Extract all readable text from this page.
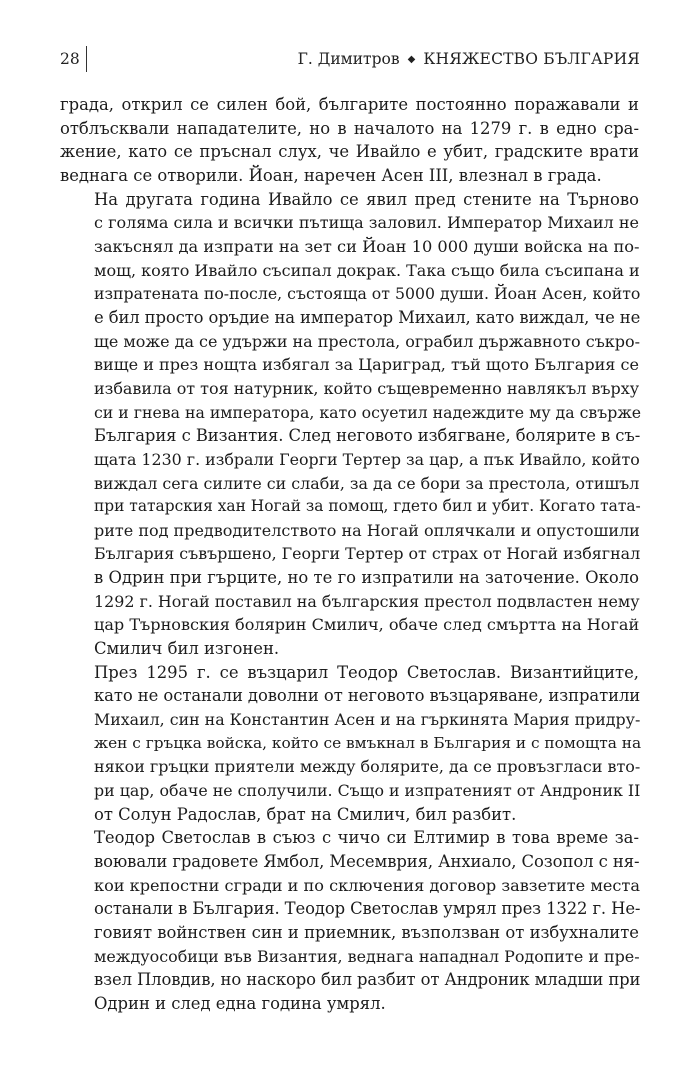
28	Г. Димитров ◆ КНЯЖЕСТВО БЪЛГАРИЯ

града, открил се силен бой, българите постоянно поражавали и
отблъсквали нападателите, но в началото на 1279 г. в едно сра-
жение, като се пръснал слух, че Ивайло е убит, градските врати
веднага се отворили. Йоан, наречен Асен III, влезнал в града.

На другата година Ивайло се явил пред стените на Търново
с голяма сила и всички пътища заловил. Император Михаил не
закъснял да изпрати на зет си Йоан 10 000 души войска на по-
мощ, която Ивайло съсипал докрак. Така също била съсипана и
изпратената по-после, състояща от 5000 души. Йоан Асен, който
е бил просто оръдие на император Михаил, като виждал, че не
ще може да се удържи на престола, ограбил държавното съкро-
вище и през нощта избягал за Цариград, тъй щото България се
избавила от тоя натурник, който същевременно навлякъл върху
си и гнева на императора, като осуетил надеждите му да свърже
България с Византия. След неговото избягване, болярите в съ-
щата 1230 г. избрали Георги Тертер за цар, а пък Ивайло, който
виждал сега силите си слаби, за да се бори за престола, отишъл
при татарския хан Ногай за помощ, гдето бил и убит. Когато тата-
рите под предводителството на Ногай оплячкали и опустошили
България съвършено, Георги Тертер от страх от Ногай избягнал
в Одрин при гърците, но те го изпратили на заточение. Около
1292 г. Ногай поставил на българския престол подвластен нему
цар Търновския болярин Смилич, обаче след смъртта на Ногай
Смилич бил изгонен.

През 1295 г. се възцарил Теодор Светослав. Византийците,
като не останали доволни от неговото възцаряване, изпратили
Михаил, син на Константин Асен и на гъркинята Мария придру-
жен с гръцка войска, който се вмъкнал в България и с помощта на
някои гръцки приятели между болярите, да се провъзгласи вто-
ри цар, обаче не сполучили. Също и изпратеният от Андроник II
от Солун Радослав, брат на Смилич, бил разбит.

Теодор Светослав в съюз с чичо си Елтимир в това време за-
воювали градовете Ямбол, Месемврия, Анхиало, Созопол с ня-
кои крепостни сгради и по сключения договор завзетите места
останали в България. Теодор Светослав умрял през 1322 г. Не-
говият войнствен син и приемник, възползван от избухналите
междуособици във Византия, веднага нападнал Родопите и пре-
взел Пловдив, но наскоро бил разбит от Андроник младши при
Одрин и след една година умрял.
